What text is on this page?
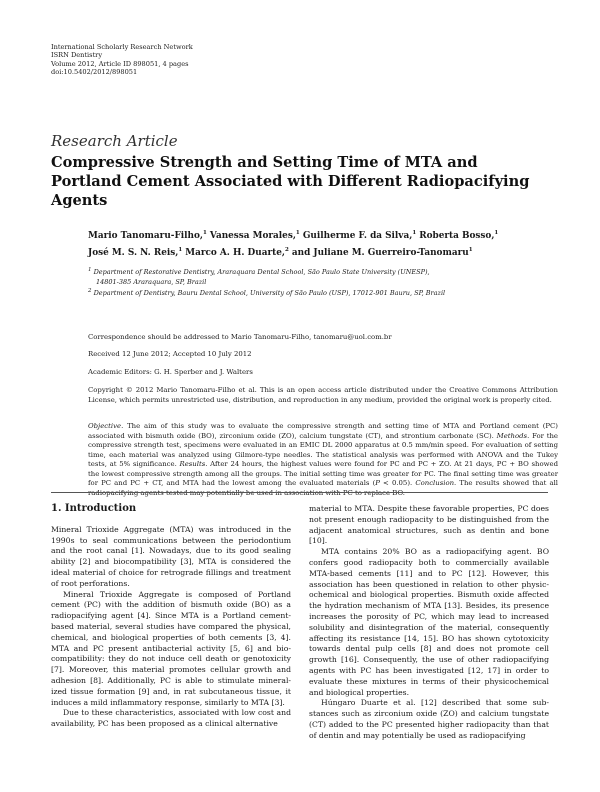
International Scholarly Research Network
ISRN Dentistry
Volume 2012, Article ID 898051, 4 pages
doi:10.5402/2012/898051
Research Article
Compressive Strength and Setting Time of MTA and Portland Cement Associated with Different Radiopacifying Agents
Mario Tanomaru-Filho,$^1$ Vanessa Morales,$^1$ Guilherme F. da Silva,$^1$ Roberta Bosso,$^1$
José M. S. N. Reis,$^1$ Marco A. H. Duarte,$^2$ and Juliane M. Guerreiro-Tanomaru$^1$
$^1$ Department of Restorative Dentistry, Araraquara Dental School, São Paulo State University (UNESP),
14801-385 Araraquara, SP, Brazil
$^2$ Department of Dentistry, Bauru Dental School, University of São Paulo (USP), 17012-901 Bauru, SP, Brazil
Correspondence should be addressed to Mario Tanomaru-Filho, tanomaru@uol.com.br
Received 12 June 2012; Accepted 10 July 2012
Academic Editors: G. H. Sperber and J. Walters
Copyright © 2012 Mario Tanomaru-Filho et al. This is an open access article distributed under the Creative Commons Attribution License, which permits unrestricted use, distribution, and reproduction in any medium, provided the original work is properly cited.
Objective. The aim of this study was to evaluate the compressive strength and setting time of MTA and Portland cement (PC) associated with bismuth oxide (BO), zirconium oxide (ZO), calcium tungstate (CT), and strontium carbonate (SC). Methods. For the compressive strength test, specimens were evaluated in an EMIC DL 2000 apparatus at 0.5 mm/min speed. For evaluation of setting time, each material was analyzed using Gilmore-type needles. The statistical analysis was performed with ANOVA and the Tukey tests, at 5% significance. Results. After 24 hours, the highest values were found for PC and PC + ZO. At 21 days, PC + BO showed the lowest compressive strength among all the groups. The initial setting time was greater for PC. The final setting time was greater for PC and PC + CT, and MTA had the lowest among the evaluated materials (P < 0.05). Conclusion. The results showed that all radiopacifying agents tested may potentially be used in association with PC to replace BO.
1. Introduction

Mineral Trioxide Aggregate (MTA) was introduced in the 1990s to seal communications between the periodontium and the root canal [1]. Nowadays, due to its good sealing ability [2] and biocompatibility [3], MTA is considered the ideal material of choice for retrograde fillings and treatment of root perforations.

Mineral Trioxide Aggregate is composed of Portland cement (PC) with the addition of bismuth oxide (BO) as a radiopacifying agent [4]. Since MTA is a Portland cement-based material, several studies have compared the physical, chemical, and biological properties of both cements [3, 4]. MTA and PC present antibacterial activity [5, 6] and bio-compatibility: they do not induce cell death or genotoxicity [7]. Moreover, this material promotes cellular growth and adhesion [8]. Additionally, PC is able to stimulate mineral-ized tissue formation [9] and, in rat subcutaneous tissue, it induces a mild inflammatory response, similarly to MTA [3].

Due to these characteristics, associated with low cost and availability, PC has been proposed as a clinical alternative

material to MTA. Despite these favorable properties, PC does not present enough radiopacity to be distinguished from the adjacent anatomical structures, such as dentin and bone [10].

MTA contains 20% BO as a radiopacifying agent. BO confers good radiopacity both to commercially available MTA-based cements [11] and to PC [12]. However, this association has been questioned in relation to other physic-ochemical and biological properties. Bismuth oxide affected the hydration mechanism of MTA [13]. Besides, its presence increases the porosity of PC, which may lead to increased solubility and disintegration of the material, consequently affecting its resistance [14, 15]. BO has shown cytotoxicity towards dental pulp cells [8] and does not promote cell growth [16]. Consequently, the use of other radiopacifying agents with PC has been investigated [12, 17] in order to evaluate these mixtures in terms of their physicochemical and biological properties.

Húngaro Duarte et al. [12] described that some sub-stances such as zirconium oxide (ZO) and calcium tungstate (CT) added to the PC presented higher radiopacity than that of dentin and may potentially be used as radiopacifying
